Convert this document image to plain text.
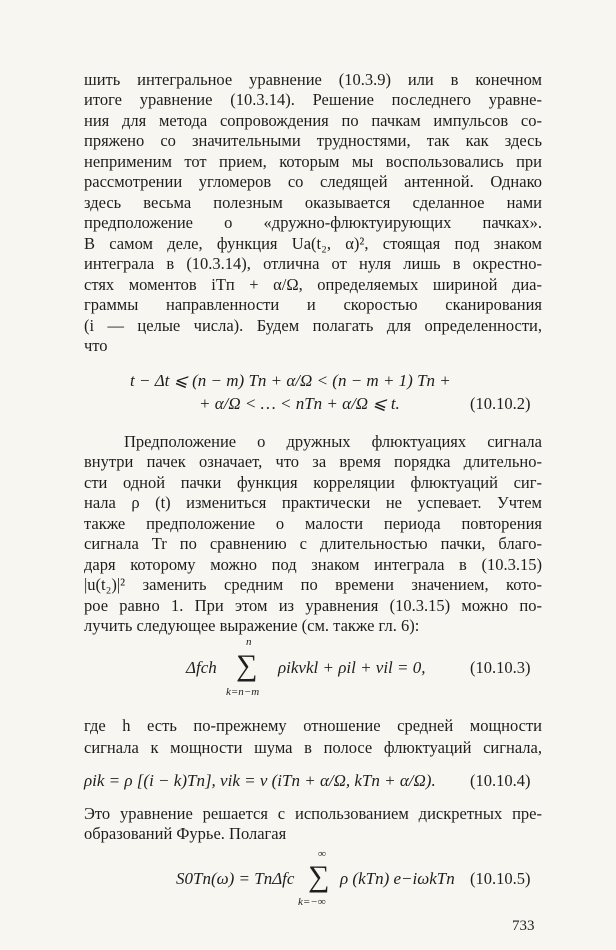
шить интегральное уравнение (10.3.9) или в конечном

итоге уравнение (10.3.14). Решение последнего уравне-

ния для метода сопровождения по пачкам импульсов со-

пряжено со значительными трудностями, так как здесь

неприменим тот прием, которым мы воспользовались при

рассмотрении угломеров со следящей антенной. Однако

здесь весьма полезным оказывается сделанное нами

предположение о «дружно-флюктуирующих пачках».

В самом деле, функция Uа(t₂, α)², стоящая под знаком

интеграла в (10.3.14), отлична от нуля лишь в окрестно-

стях моментов iTп + α/Ω, определяемых шириной диа-

граммы направленности и скоростью сканирования

(i — целые числа). Будем полагать для определенности,

что

t − Δt ⩽ (n − m) Tп + α/Ω < (n − m + 1) Tп +

+ α/Ω < … < nTп + α/Ω ⩽ t.	(10.10.2)

Предположение о дружных флюктуациях сигнала

внутри пачек означает, что за время порядка длительно-

сти одной пачки функция корреляции флюктуаций сиг-

нала ρ (t) измениться практически не успевает. Учтем

также предположение о малости периода повторения

сигнала Tr по сравнению с длительностью пачки, благо-

даря которому можно под знаком интеграла в (10.3.15)

|u(t₂)|² заменить средним по времени значением, кото-

рое равно 1. При этом из уравнения (10.3.15) можно по-

лучить следующее выражение (см. также гл. 6):

Δfch

n

∑

k=n−m

ρikvkl + ρil + vil = 0,	(10.10.3)

где h есть по-прежнему отношение средней мощности

сигнала к мощности шума в полосе флюктуаций сигнала,

ρik = ρ [(i − k)Tп], vik = v (iTп + α/Ω, kTп + α/Ω). (10.10.4)

Это уравнение решается с использованием дискретных пре-

образований Фурье. Полагая

S0Tп(ω) = TпΔfc

∞

∑

k=−∞

ρ (kTп) e−iωkTп (10.10.5)

733
